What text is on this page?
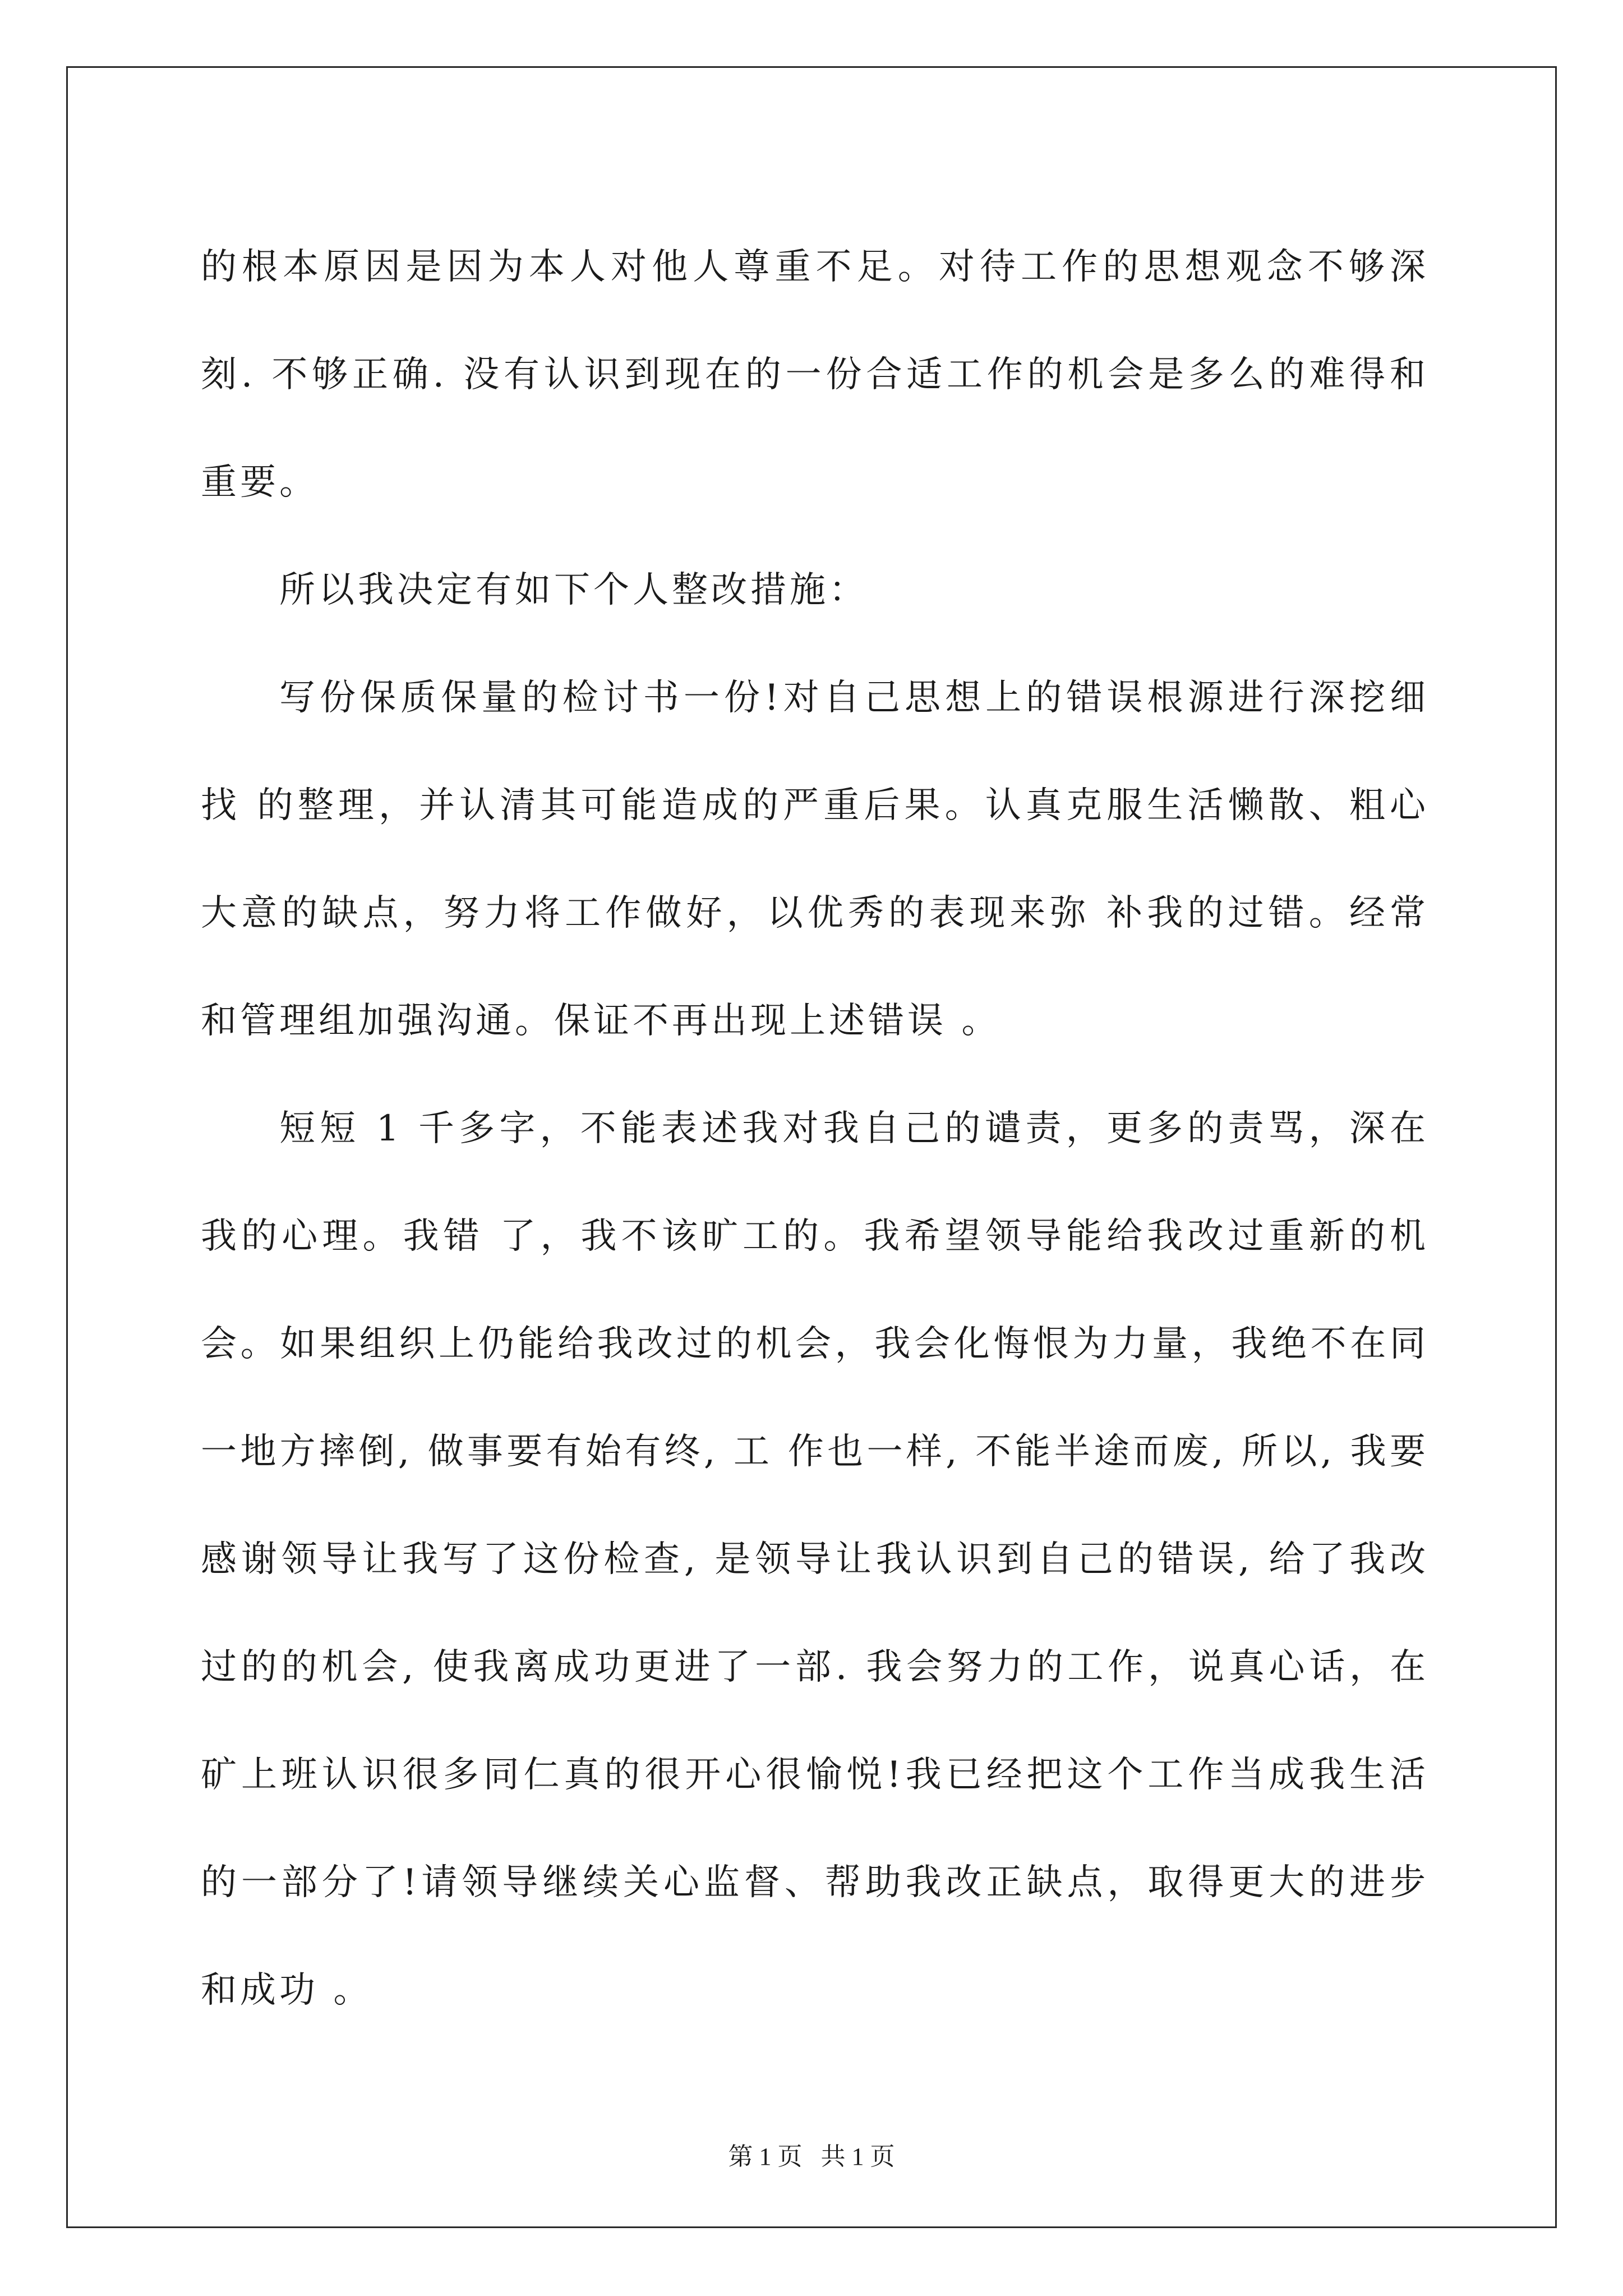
的根本原因是因为本人对他人尊重不足。对待工作的思想观念不够深刻. 不够正确. 没有认识到现在的一份合适工作的机会是多么的难得和重要。

所以我决定有如下个人整改措施：

写份保质保量的检讨书一份!对自己思想上的错误根源进行深挖细找 的整理，并认清其可能造成的严重后果。认真克服生活懒散、粗心大意的缺点，努力将工作做好，以优秀的表现来弥 补我的过错。经常和管理组加强沟通。保证不再出现上述错误 。

短短 1 千多字，不能表述我对我自己的谴责，更多的责骂，深在我的心理。我错 了，我不该旷工的。我希望领导能给我改过重新的机会。如果组织上仍能给我改过的机会，我会化悔恨为力量，我绝不在同一地方摔倒, 做事要有始有终, 工 作也一样, 不能半途而废, 所以, 我要感谢领导让我写了这份检查, 是领导让我认识到自己的错误, 给了我改过的的机会, 使我离成功更进了一部. 我会努力的工作，说真心话，在矿上班认识很多同仁真的很开心很愉悦!我已经把这个工作当成我生活的一部分了!请领导继续关心监督、帮助我改正缺点，取得更大的进步和成功 。

第 1 页   共 1 页
